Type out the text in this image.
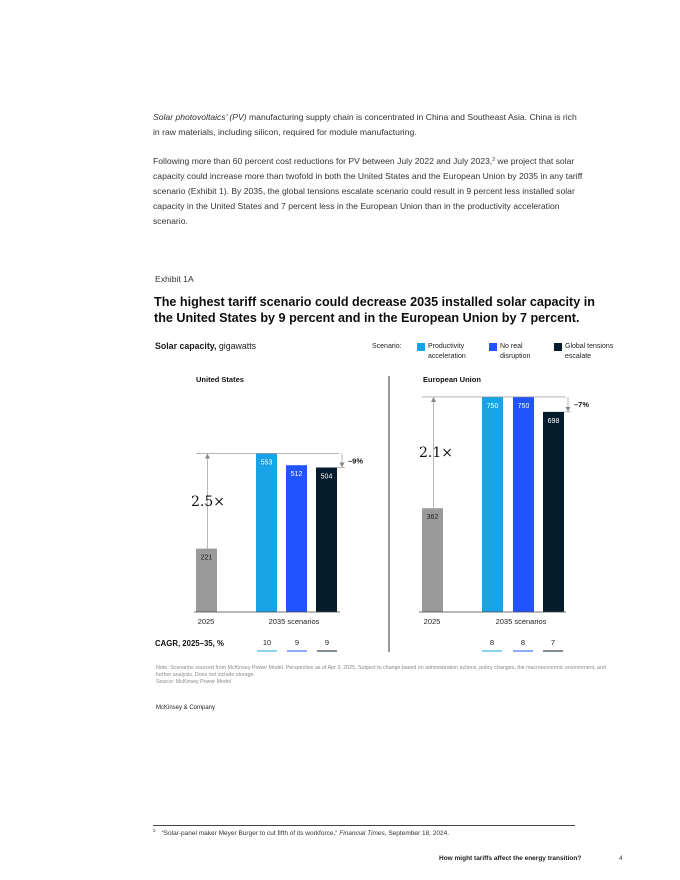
Solar photovoltaics’ (PV) manufacturing supply chain is concentrated in China and Southeast Asia. China is rich in raw materials, including silicon, required for module manufacturing.
Following more than 60 percent cost reductions for PV between July 2022 and July 2023,$^2$ we project that solar capacity could increase more than twofold in both the United States and the European Union by 2035 in any tariff scenario (Exhibit 1). By 2035, the global tensions escalate scenario could result in 9 percent less installed solar capacity in the United States and 7 percent less in the European Union than in the productivity acceleration scenario.
Exhibit 1A
The highest tariff scenario could decrease 2035 installed solar capacity in the United States by 9 percent and in the European Union by 7 percent.
Solar capacity, gigawatts	Scenario:	Productivity acceleration
No real disruption
Global tensions escalate
United States
221
553
512	504
2025	2035 scenarios
2.5×
–9%
10	9	9
European Union
362
750	750
698
2025	2035 scenarios
2.1×
–7%
8	8	7
CAGR, 2025–35, %
Note: Scenarios sourced from McKinsey Power Model. Perspective as of Apr 3, 2025. Subject to change based on administration actions, policy changes, the macroeconomic environment, and further analysis. Does not include storage.
Source: McKinsey Power Model
McKinsey & Company
$^2$ “Solar-panel maker Meyer Burger to cut fifth of its workforce,” Financial Times, September 18, 2024.
How might tariffs affect the energy transition?	4
